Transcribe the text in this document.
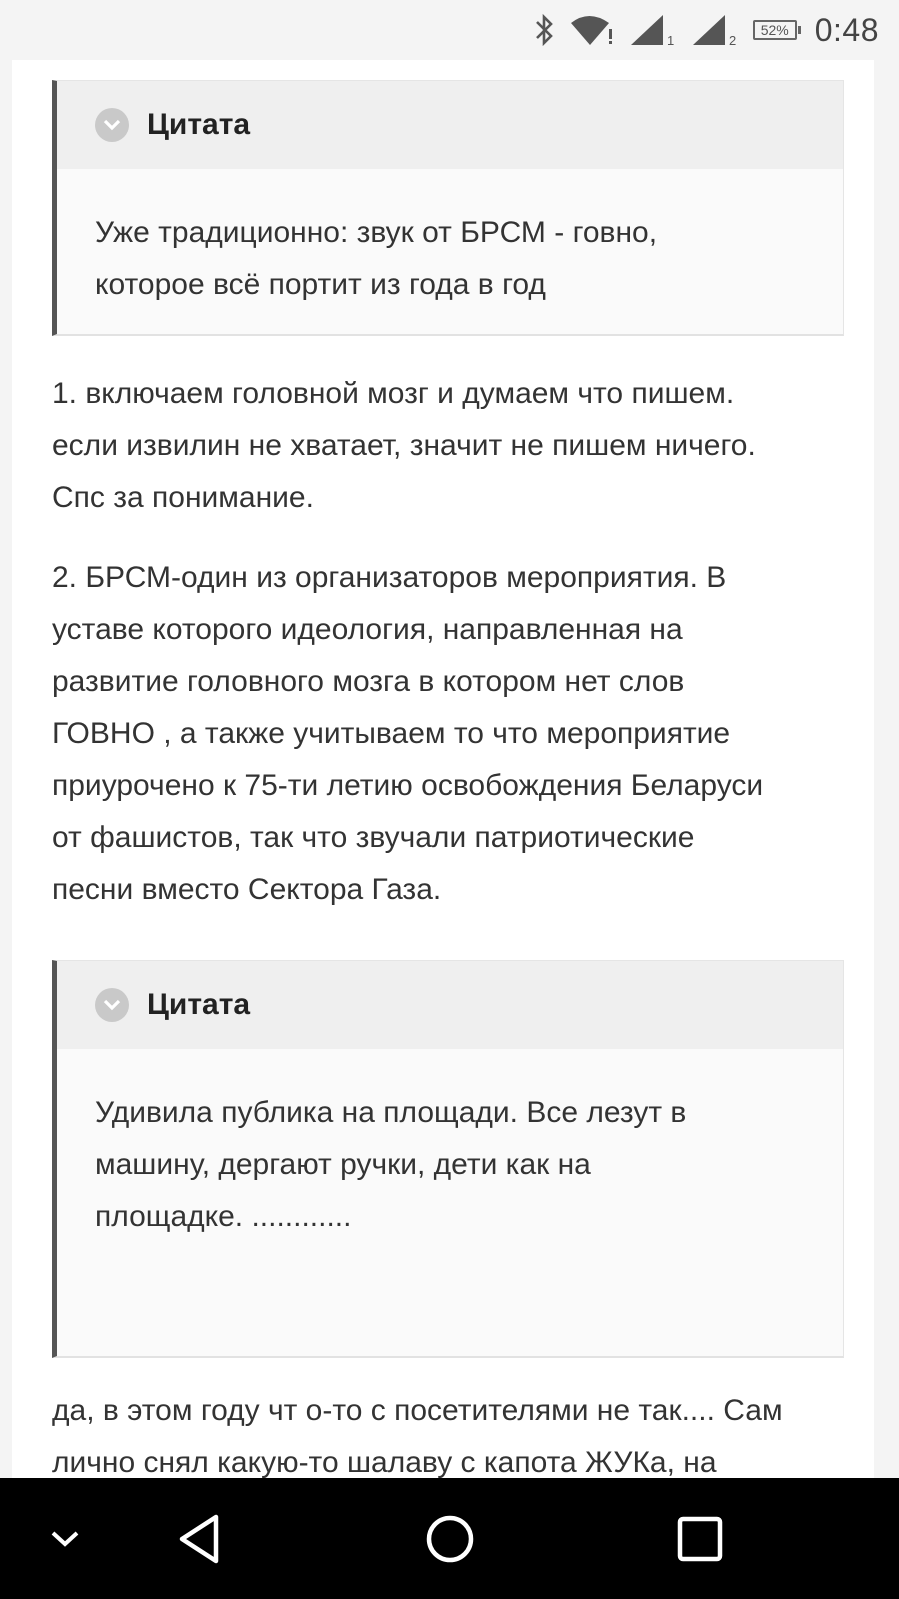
1	2
52% 0:48
Цитата
Уже традиционно: звук от БРСМ - говно,
которое всё портит из года в год
1. включаем головной мозг и думаем что пишем.
если извилин не хватает, значит не пишем ничего.
Спс за понимание.
2. БРСМ-один из организаторов мероприятия. В
уставе которого идеология, направленная на
развитие головного мозга в котором нет слов
ГОВНО , а также учитываем то что мероприятие
приурочено к 75-ти летию освобождения Беларуси
от фашистов, так что звучали патриотические
песни вместо Сектора Газа.
Цитата
Удивила публика на площади. Все лезут в
машину, дергают ручки, дети как на
площадке. ............
да, в этом году чт о-то с посетителями не так.... Сам
лично снял какую-то шалаву с капота ЖУКа, на
